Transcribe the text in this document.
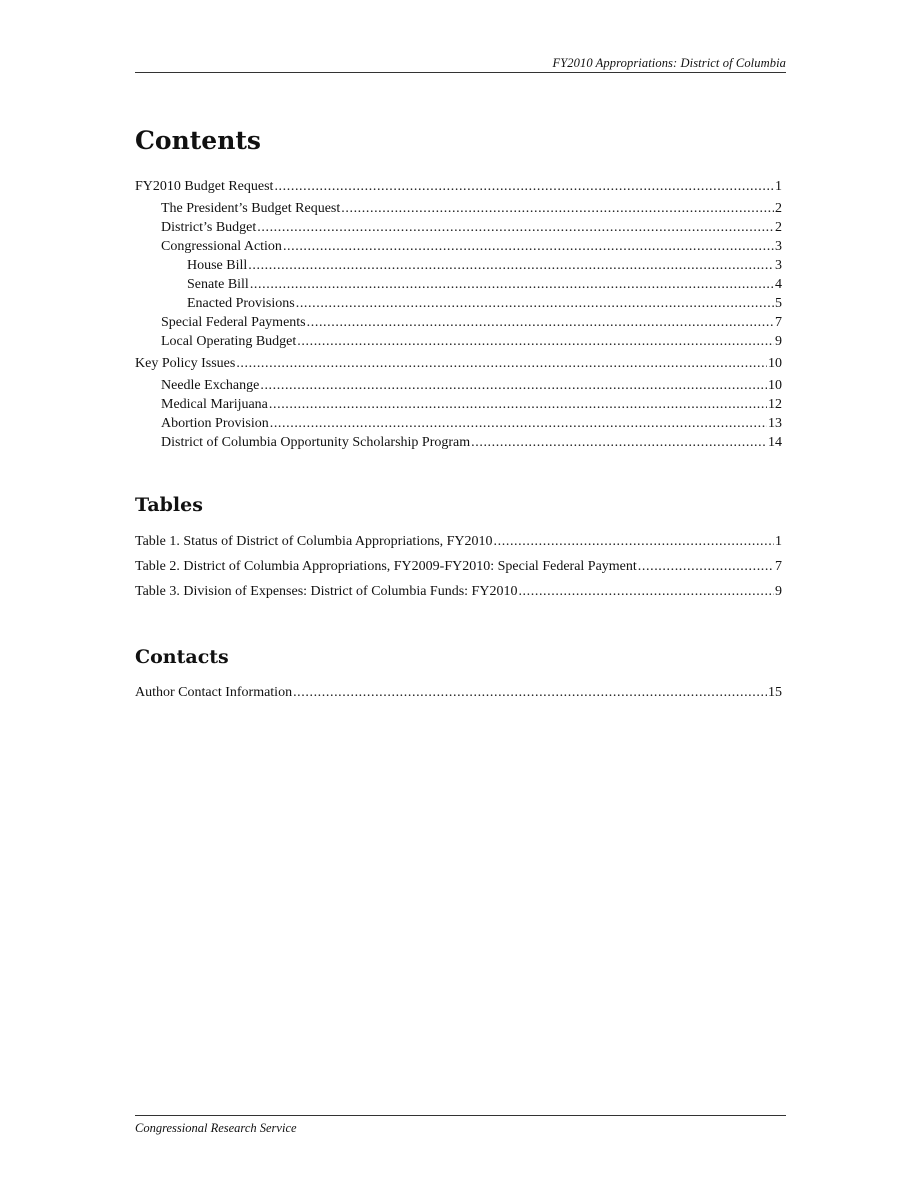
FY2010 Appropriations: District of Columbia
Contents
FY2010 Budget Request .....	1
The President’s Budget Request .....	2
District’s Budget .....	2
Congressional Action .....	3
House Bill .....	3
Senate Bill .....	4
Enacted Provisions .....	5
Special Federal Payments .....	7
Local Operating Budget .....	9
Key Policy Issues .....	10
Needle Exchange .....	10
Medical Marijuana .....	12
Abortion Provision .....	13
District of Columbia Opportunity Scholarship Program .....	14
Tables
Table 1. Status of District of Columbia Appropriations, FY2010 .....	1
Table 2. District of Columbia Appropriations, FY2009-FY2010: Special Federal Payment .....	7
Table 3. Division of Expenses: District of Columbia Funds: FY2010 .....	9
Contacts
Author Contact Information .....	15
Congressional Research Service
